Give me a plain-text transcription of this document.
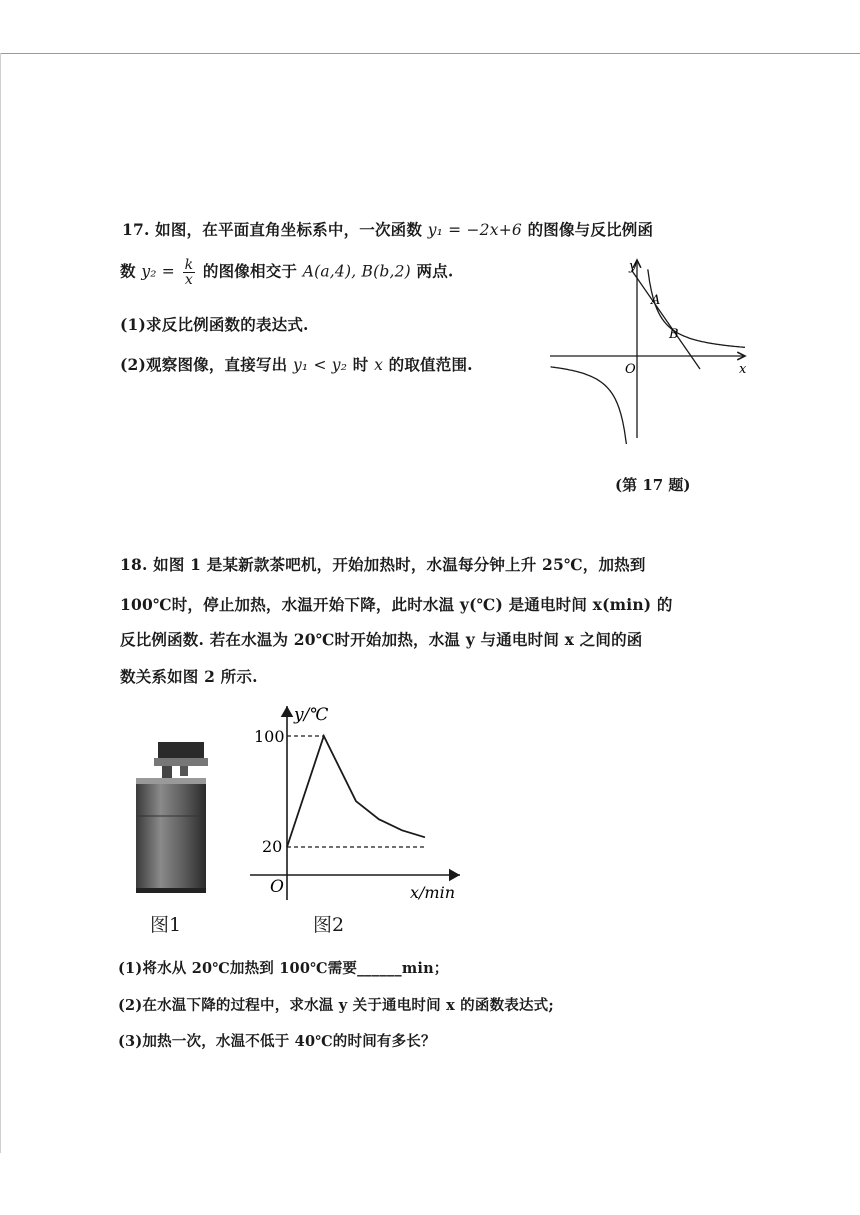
17. 如图，在平面直角坐标系中，一次函数 y₁ = −2x+6 的图像与反比例函
数 $y_2 = \frac{k}{x}$ 的图像相交于 A(a,4), B(b,2) 两点.
(1)求反比例函数的表达式.
(2)观察图像，直接写出 y₁ < y₂ 时 x 的取值范围.
y
x
O
A
B
(第 17 题)
18. 如图 1 是某新款茶吧机，开始加热时，水温每分钟上升 25℃，加热到
100℃时，停止加热，水温开始下降，此时水温 y(℃) 是通电时间 x(min) 的
反比例函数. 若在水温为 20℃时开始加热，水温 y 与通电时间 x 之间的函
数关系如图 2 所示.
图1
y/℃
100
20
O	x/min
图2
(1)将水从 20℃加热到 100℃需要______min；
(2)在水温下降的过程中，求水温 y 关于通电时间 x 的函数表达式;
(3)加热一次，水温不低于 40℃的时间有多长？
